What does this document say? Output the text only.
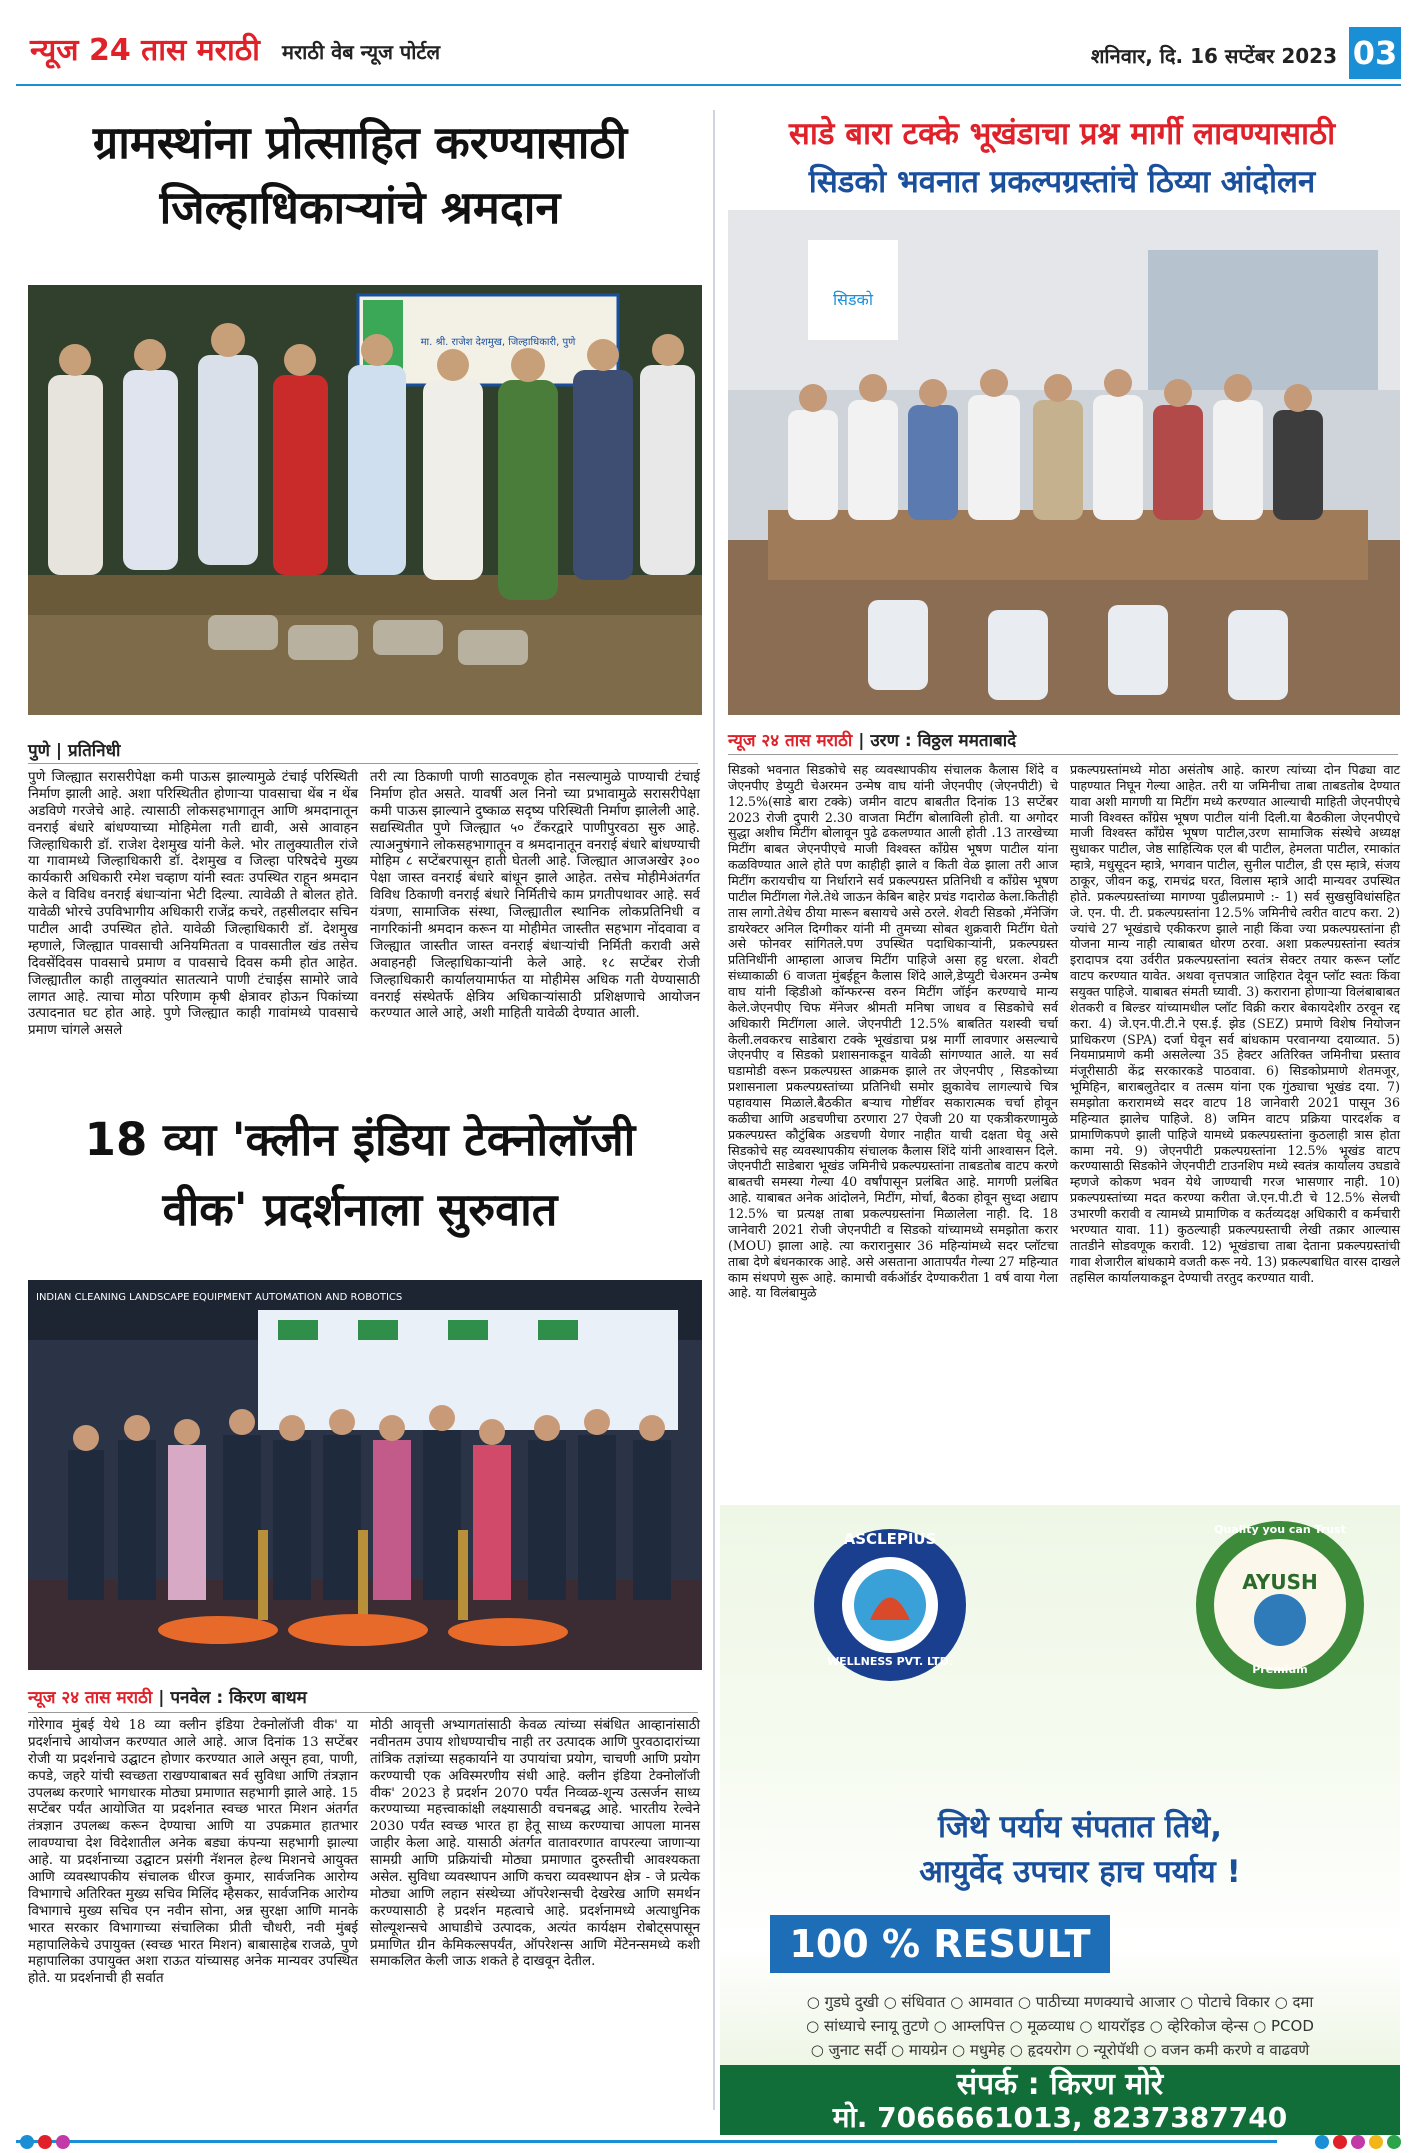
न्यूज 24 तास मराठी मराठी वेब न्यूज पोर्टल	शनिवार, दि. 16 सप्टेंबर 2023 03
ग्रामस्थांना प्रोत्साहित करण्यासाठी
जिल्हाधिकाऱ्यांचे श्रमदान
मा. श्री. राजेश देशमुख, जिल्हाधिकारी, पुणे
पुणे | प्रतिनिधी
पुणे जिल्ह्यात सरासरीपेक्षा कमी पाऊस झाल्यामुळे टंचाई परिस्थिती निर्माण झाली आहे. अशा परिस्थितीत होणाऱ्या पावसाचा थेंब न थेंब अडविणे गरजेचे आहे. त्यासाठी लोकसहभागातून आणि श्रमदानातून वनराई बंधारे बांधण्याच्या मोहिमेला गती द्यावी, असे आवाहन जिल्हाधिकारी डॉ. राजेश देशमुख यांनी केले. भोर तालुक्यातील रांजे या गावामध्ये जिल्हाधिकारी डॉ. देशमुख व जिल्हा परिषदेचे मुख्य कार्यकारी अधिकारी रमेश चव्हाण यांनी स्वतः उपस्थित राहून श्रमदान केले व विविध वनराई बंधाऱ्यांना भेटी दिल्या. त्यावेळी ते बोलत होते. यावेळी भोरचे उपविभागीय अधिकारी राजेंद्र कचरे, तहसीलदार सचिन पाटील आदी उपस्थित होते. यावेळी जिल्हाधिकारी डॉ. देशमुख म्हणाले, जिल्ह्यात पावसाची अनियमितता व पावसातील खंड तसेच दिवसेंदिवस पावसाचे प्रमाण व पावसाचे दिवस कमी होत आहेत. जिल्ह्यातील काही तालुक्यांत सातत्याने पाणी टंचाईस सामोरे जावे लागत आहे. त्याचा मोठा परिणाम कृषी क्षेत्रावर होऊन पिकांच्या उत्पादनात घट होत आहे. पुणे जिल्ह्यात काही गावांमध्ये पावसाचे प्रमाण चांगले असले
तरी त्या ठिकाणी पाणी साठवणूक होत नसल्यामुळे पाण्याची टंचाई निर्माण होत असते. यावर्षी अल निनो च्या प्रभावामुळे सरासरीपेक्षा कमी पाऊस झाल्याने दुष्काळ सदृष्य परिस्थिती निर्माण झालेली आहे. सद्यस्थितीत पुणे जिल्ह्यात ५० टँकरद्वारे पाणीपुरवठा सुरु आहे. त्याअनुषंगाने लोकसहभागातून व श्रमदानातून वनराई बंधारे बांधण्याची मोहिम ८ सप्टेंबरपासून हाती घेतली आहे. जिल्ह्यात आजअखेर ३०० पेक्षा जास्त वनराई बंधारे बांधून झाले आहेत. तसेच मोहीमेअंतर्गत विविध ठिकाणी वनराई बंधारे निर्मितीचे काम प्रगतीपथावर आहे. सर्व यंत्रणा, सामाजिक संस्था, जिल्ह्यातील स्थानिक लोकप्रतिनिधी व नागरिकांनी श्रमदान करून या मोहीमेत जास्तीत सहभाग नोंदवावा व जिल्ह्यात जास्तीत जास्त वनराई बंधाऱ्यांची निर्मिती करावी असे अवाहनही जिल्हाधिकाऱ्यांनी केले आहे. १८ सप्टेंबर रोजी जिल्हाधिकारी कार्यालयामार्फत या मोहीमेस अधिक गती येण्यासाठी वनराई संस्थेतर्फे क्षेत्रिय अधिकाऱ्यांसाठी प्रशिक्षणाचे आयोजन करण्यात आले आहे, अशी माहिती यावेळी देण्यात आली.
18 व्या 'क्लीन इंडिया टेक्नोलॉजी
वीक' प्रदर्शनाला सुरुवात
INDIAN CLEANING LANDSCAPE EQUIPMENT AUTOMATION AND ROBOTICS
न्यूज २४ तास मराठी | पनवेल : किरण बाथम
गोरेगाव मुंबई येथे 18 व्या क्लीन इंडिया टेक्नोलॉजी वीक' या प्रदर्शनाचे आयोजन करण्यात आले आहे. आज दिनांक 13 सप्टेंबर रोजी या प्रदर्शनाचे उद्घाटन होणार करण्यात आले असून हवा, पाणी, कपडे, जहरे यांची स्वच्छता राखण्याबाबत सर्व सुविधा आणि तंत्रज्ञान उपलब्ध करणारे भागधारक मोठ्या प्रमाणात सहभागी झाले आहे. 15 सप्टेंबर पर्यंत आयोजित या प्रदर्शनात स्वच्छ भारत मिशन अंतर्गत तंत्रज्ञान उपलब्ध करून देण्याचा आणि या उपक्रमात हातभार लावण्याचा देश विदेशातील अनेक बड्या कंपन्या सहभागी झाल्या आहे. या प्रदर्शनाच्या उद्घाटन प्रसंगी नॅशनल हेल्थ मिशनचे आयुक्त आणि व्यवस्थापकीय संचालक धीरज कुमार, सार्वजनिक आरोग्य विभागाचे अतिरिक्त मुख्य सचिव मिलिंद म्हैसकर, सार्वजनिक आरोग्य विभागाचे मुख्य सचिव एन नवीन सोना, अन्न सुरक्षा आणि मानके भारत सरकार विभागाच्या संचालिका प्रीती चौधरी, नवी मुंबई महापालिकेचे उपायुक्त (स्वच्छ भारत मिशन) बाबासाहेब राजळे, पुणे महापालिका उपायुक्त अशा राऊत यांच्यासह अनेक मान्यवर उपस्थित होते. या प्रदर्शनाची ही सर्वात
मोठी आवृत्ती अभ्यागतांसाठी केवळ त्यांच्या संबंधित आव्हानांसाठी नवीनतम उपाय शोधण्याचीच नाही तर उत्पादक आणि पुरवठादारांच्या तांत्रिक तज्ञांच्या सहकार्याने या उपायांचा प्रयोग, चाचणी आणि प्रयोग करण्याची एक अविस्मरणीय संधी आहे. क्लीन इंडिया टेक्नोलॉजी वीक' 2023 हे प्रदर्शन 2070 पर्यंत निव्वळ-शून्य उत्सर्जन साध्य करण्याच्या महत्त्वाकांक्षी लक्ष्यासाठी वचनबद्ध आहे. भारतीय रेल्वेने 2030 पर्यंत स्वच्छ भारत हा हेतू साध्य करण्याचा आपला मानस जाहीर केला आहे. यासाठी अंतर्गत वातावरणात वापरल्या जाणाऱ्या सामग्री आणि प्रक्रियांची मोठ्या प्रमाणात दुरुस्तीची आवश्यकता असेल. सुविधा व्यवस्थापन आणि कचरा व्यवस्थापन क्षेत्र - जे प्रत्येक मोठ्या आणि लहान संस्थेच्या ऑपरेशन्सची देखरेख आणि समर्थन करण्यासाठी हे प्रदर्शन महत्वाचे आहे. प्रदर्शनामध्ये अत्याधुनिक सोल्यूशन्सचे आघाडीचे उत्पादक, अत्यंत कार्यक्षम रोबोट्सपासून प्रमाणित ग्रीन केमिकल्सपर्यंत, ऑपरेशन्स आणि मेंटेनन्समध्ये कशी समाकलित केली जाऊ शकते हे दाखवून देतील.
साडे बारा टक्के भूखंडाचा प्रश्न मार्गी लावण्यासाठी
सिडको भवनात प्रकल्पग्रस्तांचे ठिय्या आंदोलन
सिडको
न्यूज २४ तास मराठी | उरण : विठ्ठल ममताबादे
सिडको भवनात सिडकोचे सह व्यवस्थापकीय संचालक कैलास शिंदे व जेएनपीए डेप्युटी चेअरमन उन्मेष वाघ यांनी जेएनपीए (जेएनपीटी) चे 12.5%(साडे बारा टक्के) जमीन वाटप बाबतीत दिनांक 13 सप्टेंबर 2023 रोजी दुपारी 2.30 वाजता मिटींग बोलाविली होती. या अगोदर सुद्धा अशीच मिटींग बोलावून पुढे ढकलण्यात आली होती .13 तारखेच्या मिटींग बाबत जेएनपीएचे माजी विश्वस्त काँग्रेस भूषण पाटील यांना कळविण्यात आले होते पण काहीही झाले व किती वेळ झाला तरी आज मिटींग करायचीच या निर्धाराने सर्व प्रकल्पग्रस्त प्रतिनिधी व काँग्रेस भूषण पाटील मिटींगला गेले.तेथे जाऊन केबिन बाहेर प्रचंड गदारोळ केला.कितीही तास लागो.तेथेच ठीया मारून बसायचे असे ठरले. शेवटी सिडको ,मॅनेजिंग डायरेक्टर अनिल दिग्गीकर यांनी मी तुमच्या सोबत शुक्रवारी मिटींग घेतो असे फोनवर सांगितले.पण उपस्थित पदाधिकाऱ्यांनी, प्रकल्पग्रस्त प्रतिनिधींनी आम्हाला आजच मिटींग पाहिजे असा हट्ट धरला. शेवटी संध्याकाळी 6 वाजता मुंबईहून कैलास शिंदे आले,डेप्युटी चेअरमन उन्मेष वाघ यांनी व्हिडीओ कॉन्फरन्स वरुन मिटींग जॉईन करण्याचे मान्य केले.जेएनपीए चिफ मॅनेजर श्रीमती मनिषा जाधव व सिडकोचे सर्व अधिकारी मिटींगला आले. जेएनपीटी 12.5% बाबतित यशस्वी चर्चा केली.लवकरच साडेबारा टक्के भूखंडाचा प्रश्न मार्गी लावणार असल्याचे जेएनपीए व सिडको प्रशासनाकडून यावेळी सांगण्यात आले. या सर्व घडामोडी वरून प्रकल्पग्रस्त आक्रमक झाले तर जेएनपीए , सिडकोच्या प्रशासनाला प्रकल्पग्रस्तांच्या प्रतिनिधी समोर झुकावेच लागल्याचे चित्र पहावयास मिळाले.बैठकीत बऱ्याच गोष्टींवर सकारात्मक चर्चा होवून कळीचा आणि अडचणीचा ठरणारा 27 ऐवजी 20 या एकत्रीकरणामुळे प्रकल्पग्रस्त कौटुंबिक अडचणी येणार नाहीत याची दक्षता घेवू असे सिडकोचे सह व्यवस्थापकीय संचालक कैलास शिंदे यांनी आश्वासन दिले. जेएनपीटी साडेबारा भूखंड जमिनीचे प्रकल्पग्रस्तांना ताबडतोब वाटप करणे बाबतची समस्या गेल्या 40 वर्षांपासून प्रलंबित आहे. मागणी प्रलंबित आहे. याबाबत अनेक आंदोलने, मिटींग, मोर्चा, बैठका होवून सुध्दा अद्याप 12.5% चा प्रत्यक्ष ताबा प्रकल्पग्रस्तांना मिळालेला नाही. दि. 18 जानेवारी 2021 रोजी जेएनपीटी व सिडको यांच्यामध्ये समझोता करार (MOU) झाला आहे. त्या करारानुसार 36 महिन्यांमध्ये सदर प्लॉटचा ताबा देणे बंधनकारक आहे. असे असताना आतापर्यंत गेल्या 27 महिन्यात काम संथपणे सुरू आहे. कामाची वर्कऑर्डर देण्याकरीता 1 वर्ष वाया गेला आहे. या विलंबामुळे
प्रकल्पग्रस्तांमध्ये मोठा असंतोष आहे. कारण त्यांच्या दोन पिढ्या वाट पाहण्यात निघून गेल्या आहेत. तरी या जमिनीचा ताबा ताबडतोब देण्यात यावा अशी मागणी या मिटींग मध्ये करण्यात आल्याची माहिती जेएनपीएचे माजी विश्वस्त काँग्रेस भूषण पाटील यांनी दिली.या बैठकीला जेएनपीएचे माजी विश्वस्त काँग्रेस भूषण पाटील,उरण सामाजिक संस्थेचे अध्यक्ष सुधाकर पाटील, जेष्ठ साहित्यिक एल बी पाटील, हेमलता पाटील, रमाकांत म्हात्रे, मधुसूदन म्हात्रे, भगवान पाटील, सुनील पाटील, डी एस म्हात्रे, संजय ठाकूर, जीवन कडू, रामचंद्र घरत, विलास म्हात्रे आदी मान्यवर उपस्थित होते. प्रकल्पग्रस्तांच्या मागण्या पुढीलप्रमाणे :- 1) सर्व सुखसुविधांसहित जे. एन. पी. टी. प्रकल्पग्रस्तांना 12.5% जमिनीचे त्वरीत वाटप करा. 2) ज्यांचे 27 भूखंडाचे एकीकरण झाले नाही किंवा ज्या प्रकल्पग्रस्तांना ही योजना मान्य नाही त्याबाबत धोरण ठरवा. अशा प्रकल्पग्रस्तांना स्वतंत्र इरादापत्र दया उर्वरीत प्रकल्पग्रस्तांना स्वतंत्र सेक्टर तयार करून प्लॉट वाटप करण्यात यावेत. अथवा वृत्तपत्रात जाहिरात देवून प्लॉट स्वतः किंवा सयुक्त पाहिजे. याबाबत संमती घ्यावी. 3) कराराना होणाऱ्या विलंबाबाबत शेतकरी व बिल्डर यांच्यामधील प्लॉट विक्री करार बेकायदेशीर ठरवून रद्द करा. 4) जे.एन.पी.टी.ने एस.ई. झेड (SEZ) प्रमाणे विशेष नियोजन प्राधिकरण (SPA) दर्जा घेवून सर्व बांधकाम परवानग्या दयाव्यात. 5) नियमाप्रमाणे कमी असलेल्या 35 हेक्टर अतिरिक्त जमिनीचा प्रस्ताव मंजूरीसाठी केंद्र सरकारकडे पाठवावा. 6) सिडकोप्रमाणे शेतमजूर, भूमिहिन, बाराबलुतेदार व तत्सम यांना एक गुंठ्याचा भूखंड दया. 7) समझोता करारामध्ये सदर वाटप 18 जानेवारी 2021 पासून 36 महिन्यात झालेच पाहिजे. 8) जमिन वाटप प्रक्रिया पारदर्शक व प्रामाणिकपणे झाली पाहिजे यामध्ये प्रकल्पग्रस्तांना कुठलाही त्रास होता कामा नये. 9) जेएनपीटी प्रकल्पग्रस्तांना 12.5% भूखंड वाटप करण्यासाठी सिडकोने जेएनपीटी टाउनशिप मध्ये स्वतंत्र कार्यालय उघडावे म्हणजे कोकण भवन येथे जाण्याची गरज भासणार नाही. 10) प्रकल्पग्रस्तांच्या मदत करण्या करीता जे.एन.पी.टी चे 12.5% सेलची उभारणी करावी व त्यामध्ये प्रामाणिक व कर्तव्यदक्ष अधिकारी व कर्मचारी भरण्यात यावा. 11) कुठल्याही प्रकल्पग्रस्ताची लेखी तक्रार आल्यास तातडीने सोडवणूक करावी. 12) भूखंडाचा ताबा देताना प्रकल्पग्रस्तांची गावा शेजारील बांधकामे वजती करू नये. 13) प्रकल्पबाधित वारस दाखले तहसिल कार्यालयाकडून देण्याची तरतुद करण्यात यावी.
ASCLEPIUS
WELLNESS PVT. LTD.
Quality you can Trust
AYUSH
Premium
जिथे पर्याय संपतात तिथे,
आयुर्वेद उपचार हाच पर्याय !
100 % RESULT
○ गुडघे दुखी ○ संधिवात ○ आमवात ○ पाठीच्या मणक्याचे आजार ○ पोटाचे विकार ○ दमा
○ सांध्याचे स्नायू तुटणे ○ आम्लपित्त ○ मूळव्याध ○ थायरॉइड ○ व्हेरिकोज व्हेन्स ○ PCOD
○ जुनाट सर्दी ○ मायग्रेन ○ मधुमेह ○ हृदयरोग ○ न्यूरोपॅथी ○ वजन कमी करणे व वाढवणे
संपर्क : किरण मोरे
मो. 7066661013, 8237387740
